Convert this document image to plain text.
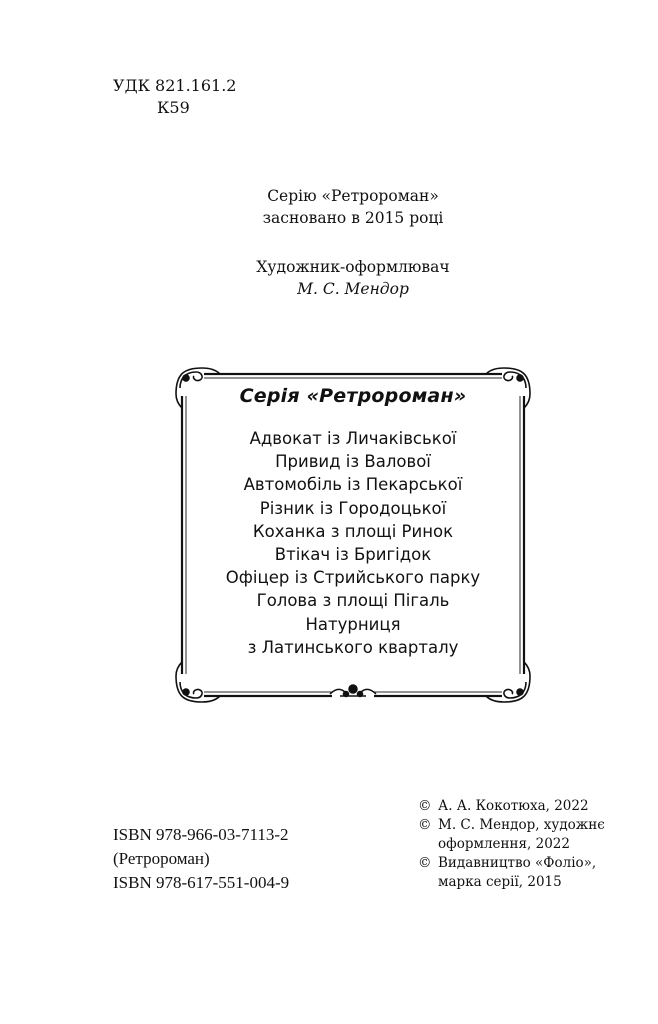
УДК 821.161.2
К59
Серію «Ретророман»
засновано в 2015 році
Художник-оформлювач
М. С. Мендор
Серія «Ретророман»
Адвокат із Личаківської
Привид із Валової
Автомобіль із Пекарської
Різник із Городоцької
Коханка з площі Ринок
Втікач із Бригідок
Офіцер із Стрийського парку
Голова з площі Пігаль
Натурниця
з Латинського кварталу
ISBN 978-966-03-7113-2
(Ретророман)
ISBN 978-617-551-004-9
© А. А. Кокотюха, 2022
© М. С. Мендор, художнє
оформлення, 2022
© Видавництво «Фоліо»,
марка серії, 2015
